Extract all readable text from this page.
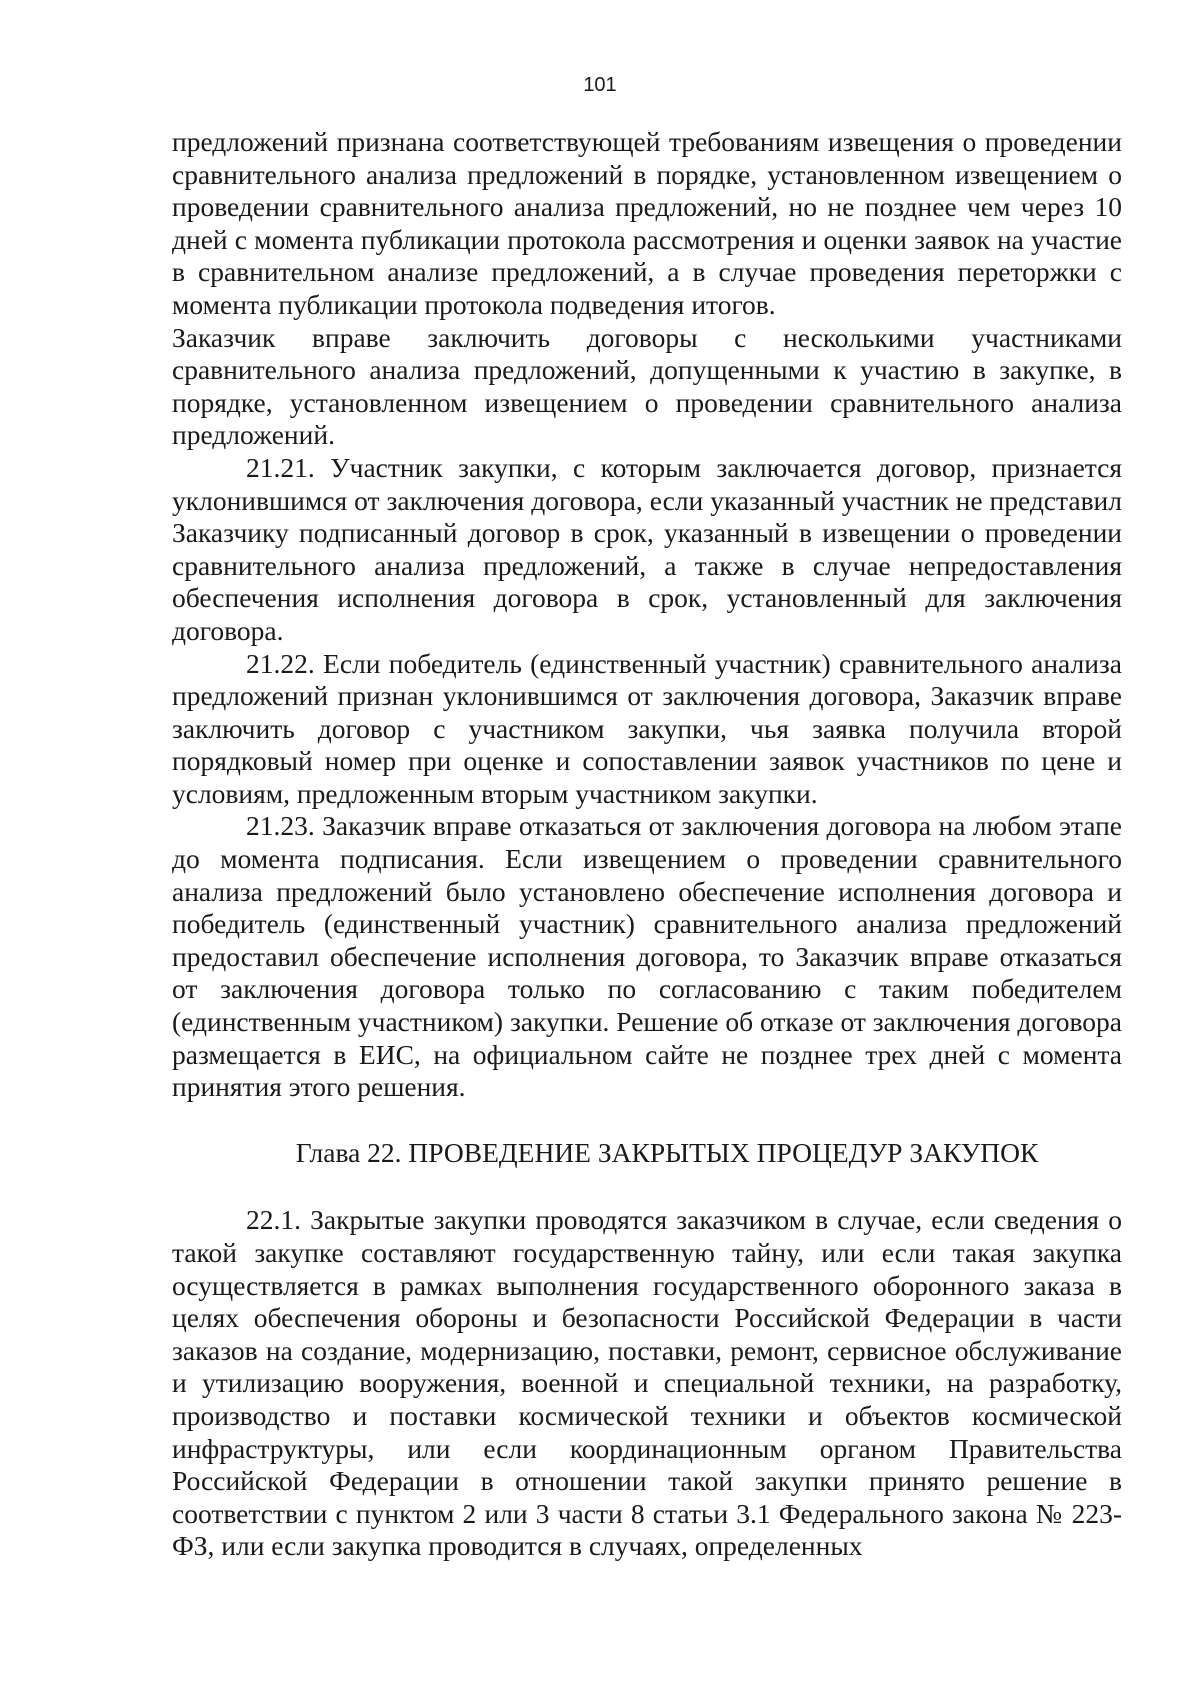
101

предложений признана соответствующей требованиям извещения о проведении сравнительного анализа предложений в порядке, установленном извещением о проведении сравнительного анализа предложений, но не позднее чем через 10 дней с момента публикации протокола рассмотрения и оценки заявок на участие в сравнительном анализе предложений, а в случае проведения переторжки с момента публикации протокола подведения итогов.

Заказчик вправе заключить договоры с несколькими участниками сравнительного анализа предложений, допущенными к участию в закупке, в порядке, установленном извещением о проведении сравнительного анализа предложений.

21.21. Участник закупки, с которым заключается договор, признается уклонившимся от заключения договора, если указанный участник не представил Заказчику подписанный договор в срок, указанный в извещении о проведении сравнительного анализа предложений, а также в случае непредоставления обеспечения исполнения договора в срок, установленный для заключения договора.

21.22. Если победитель (единственный участник) сравнительного анализа предложений признан уклонившимся от заключения договора, Заказчик вправе заключить договор с участником закупки, чья заявка получила второй порядковый номер при оценке и сопоставлении заявок участников по цене и условиям, предложенным вторым участником закупки.

21.23. Заказчик вправе отказаться от заключения договора на любом этапе до момента подписания. Если извещением о проведении сравнительного анализа предложений было установлено обеспечение исполнения договора и победитель (единственный участник) сравнительного анализа предложений предоставил обеспечение исполнения договора, то Заказчик вправе отказаться от заключения договора только по согласованию с таким победителем (единственным участником) закупки. Решение об отказе от заключения договора размещается в ЕИС, на официальном сайте не позднее трех дней с момента принятия этого решения.

Глава 22. ПРОВЕДЕНИЕ ЗАКРЫТЫХ ПРОЦЕДУР ЗАКУПОК

22.1. Закрытые закупки проводятся заказчиком в случае, если сведения о такой закупке составляют государственную тайну, или если такая закупка осуществляется в рамках выполнения государственного оборонного заказа в целях обеспечения обороны и безопасности Российской Федерации в части заказов на создание, модернизацию, поставки, ремонт, сервисное обслуживание и утилизацию вооружения, военной и специальной техники, на разработку, производство и поставки космической техники и объектов космической инфраструктуры, или если координационным органом Правительства Российской Федерации в отношении такой закупки принято решение в соответствии с пунктом 2 или 3 части 8 статьи 3.1 Федерального закона № 223-ФЗ, или если закупка проводится в случаях, определенных
